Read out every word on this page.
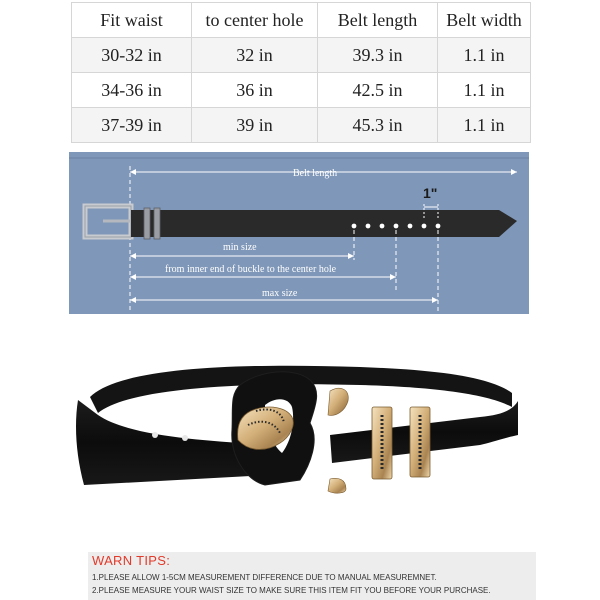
Fit waist	to center hole	Belt length	Belt width
30-32 in	32 in	39.3 in	1.1 in
34-36 in	36 in	42.5 in	1.1 in
37-39 in	39 in	45.3 in	1.1 in
Belt length
1"
min size
from inner end of buckle to the center hole
max size
WARN TIPS:
1.PLEASE ALLOW 1-5CM MEASUREMENT DIFFERENCE DUE TO MANUAL MEASUREMNET.
2.PLEASE MEASURE YOUR WAIST SIZE TO MAKE SURE THIS ITEM FIT YOU BEFORE YOUR PURCHASE.
